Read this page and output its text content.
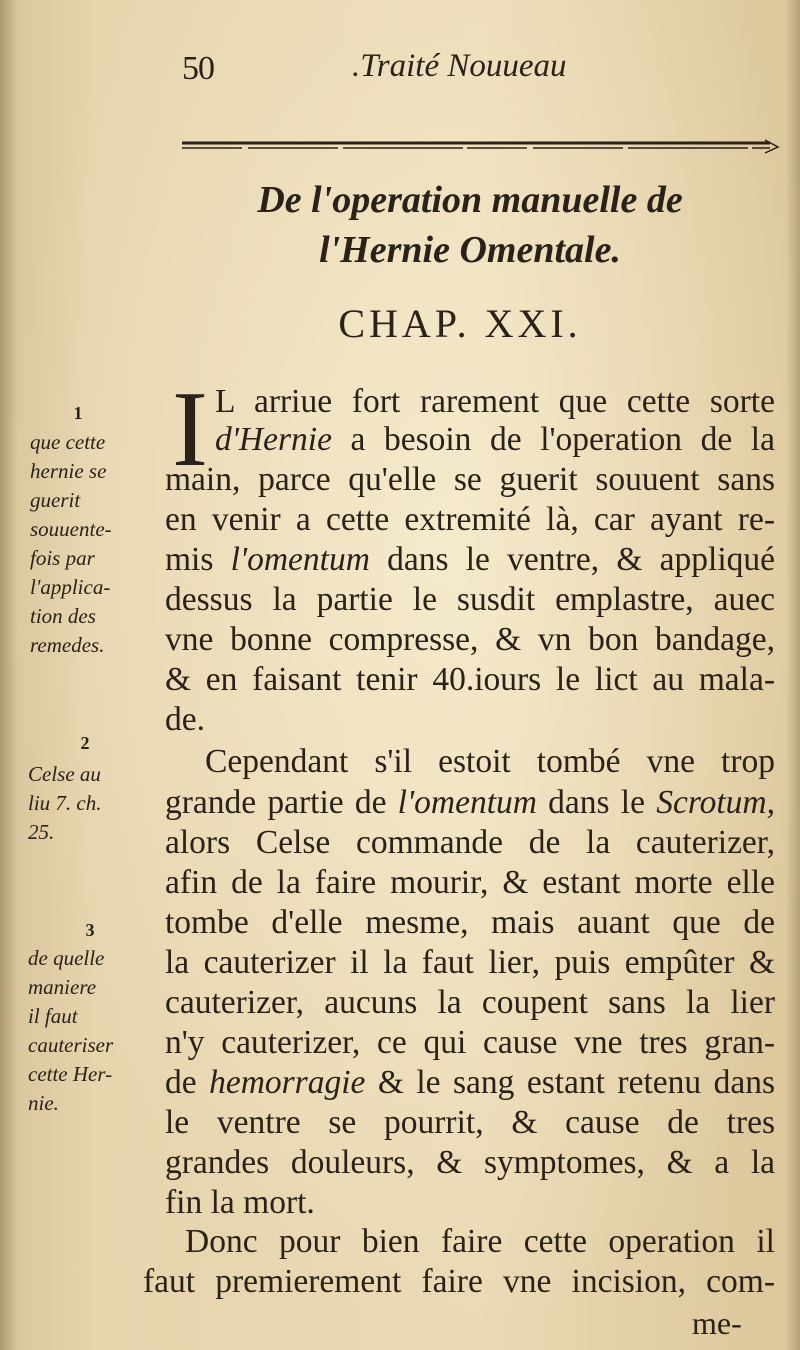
50	.Traité Nouueau
De l'operation manuelle de
l'Hernie Omentale.
CHAP. XXI.
I L arriue fort rarement que cette sorte
d'Hernie a besoin de l'operation de la
main, parce qu'elle se guerit souuent sans
en venir a cette extremité là, car ayant re-
mis l'omentum dans le ventre, & appliqué
dessus la partie le susdit emplastre, auec
vne bonne compresse, & vn bon bandage,
& en faisant tenir 40.iours le lict au mala-
de.
Cependant s'il estoit tombé vne trop
grande partie de l'omentum dans le Scrotum,
alors Celse commande de la cauterizer,
afin de la faire mourir, & estant morte elle
tombe d'elle mesme, mais auant que de
la cauterizer il la faut lier, puis empûter &
cauterizer, aucuns la coupent sans la lier
n'y cauterizer, ce qui cause vne tres gran-
de hemorragie & le sang estant retenu dans
le ventre se pourrit, & cause de tres
grandes douleurs, & symptomes, & a la
fin la mort.
Donc pour bien faire cette operation il
faut premierement faire vne incision, com-
1
que cette
hernie se
guerit
souuente-
fois par
l'applica-
tion des
remedes.
2
Celse au
liu 7. ch.
25.
3
de quelle
maniere
il faut
cauteriser
cette Her-
nie.
me-
